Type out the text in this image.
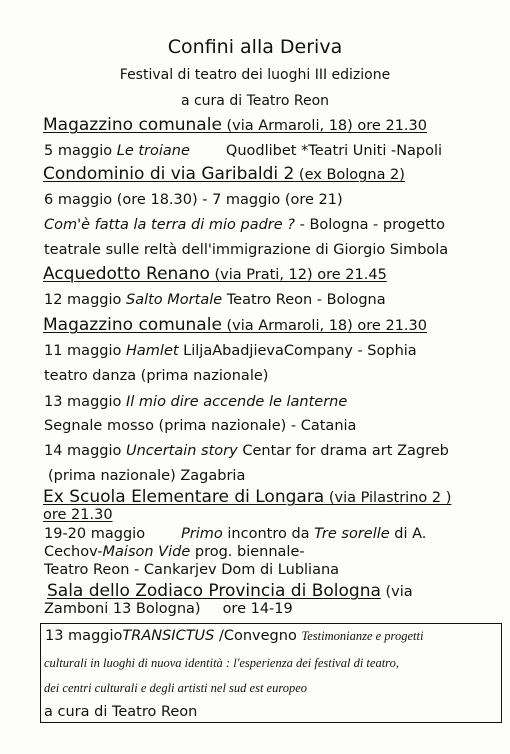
Confini alla Deriva
Festival di teatro dei luoghi III edizione
a cura di Teatro Reon
Magazzino comunale (via Armaroli, 18) ore 21.30
5 maggio Le troiane Quodlibet *Teatri Uniti -Napoli
Condominio di via Garibaldi 2 (ex Bologna 2)
6 maggio (ore 18.30) - 7 maggio (ore 21)
Com'è fatta la terra di mio padre ? - Bologna - progetto
teatrale sulle reltà dell'immigrazione di Giorgio Simbola
Acquedotto Renano (via Prati, 12) ore 21.45
12 maggio Salto Mortale Teatro Reon - Bologna
Magazzino comunale (via Armaroli, 18) ore 21.30
11 maggio Hamlet LiljaAbadjievaCompany - Sophia
teatro danza (prima nazionale)
13 maggio Il mio dire accende le lanterne
Segnale mosso (prima nazionale) - Catania
14 maggio Uncertain story Centar for drama art Zagreb
(prima nazionale) Zagabria
Ex Scuola Elementare di Longara (via Pilastrino 2 )
ore 21.30
19-20 maggio Primo incontro da Tre sorelle di A.
Cechov-Maison Vide prog. biennale-
Teatro Reon - Cankarjev Dom di Lubliana
Sala dello Zodiaco Provincia di Bologna (via
Zamboni 13 Bologna) ore 14-19
13 maggioTRANSICTUS /Convegno Testimonianze e progetti
culturali in luoghi di nuova identità : l'esperienza dei festival di teatro,
dei centri culturali e degli artisti nel sud est europeo
a cura di Teatro Reon
